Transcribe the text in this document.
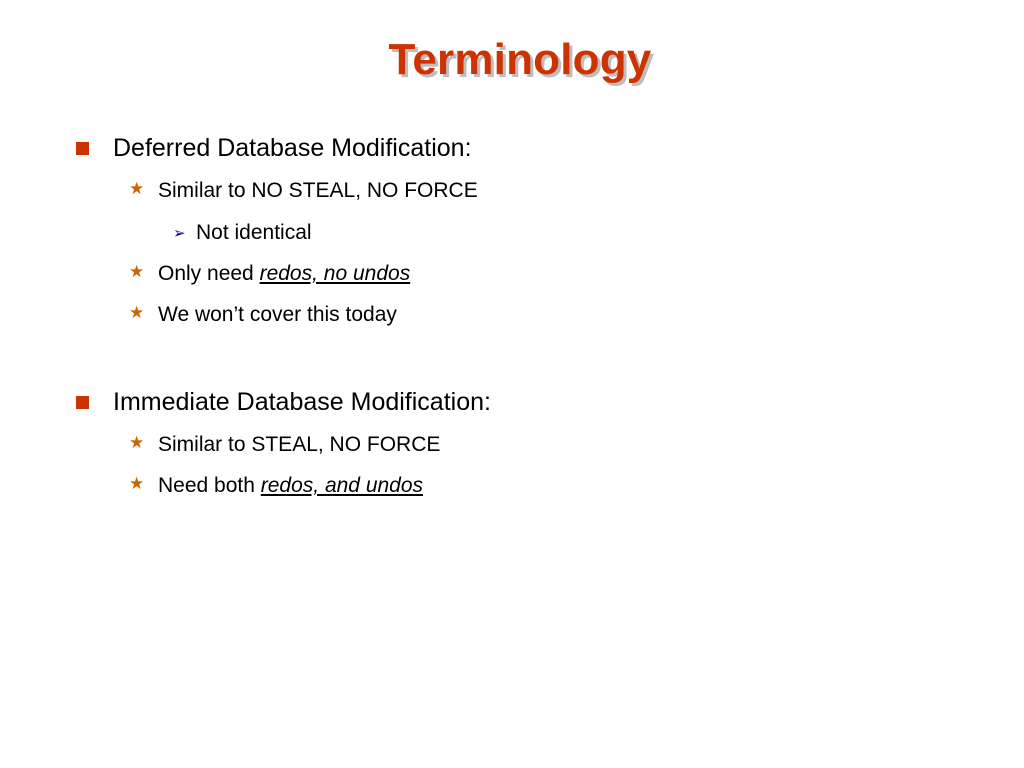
Terminology
Deferred Database Modification:
★ Similar to NO STEAL, NO FORCE
➢ Not identical
★ Only need redos, no undos
★ We won’t cover this today
Immediate Database Modification:
★ Similar to STEAL, NO FORCE
★ Need both redos, and undos
